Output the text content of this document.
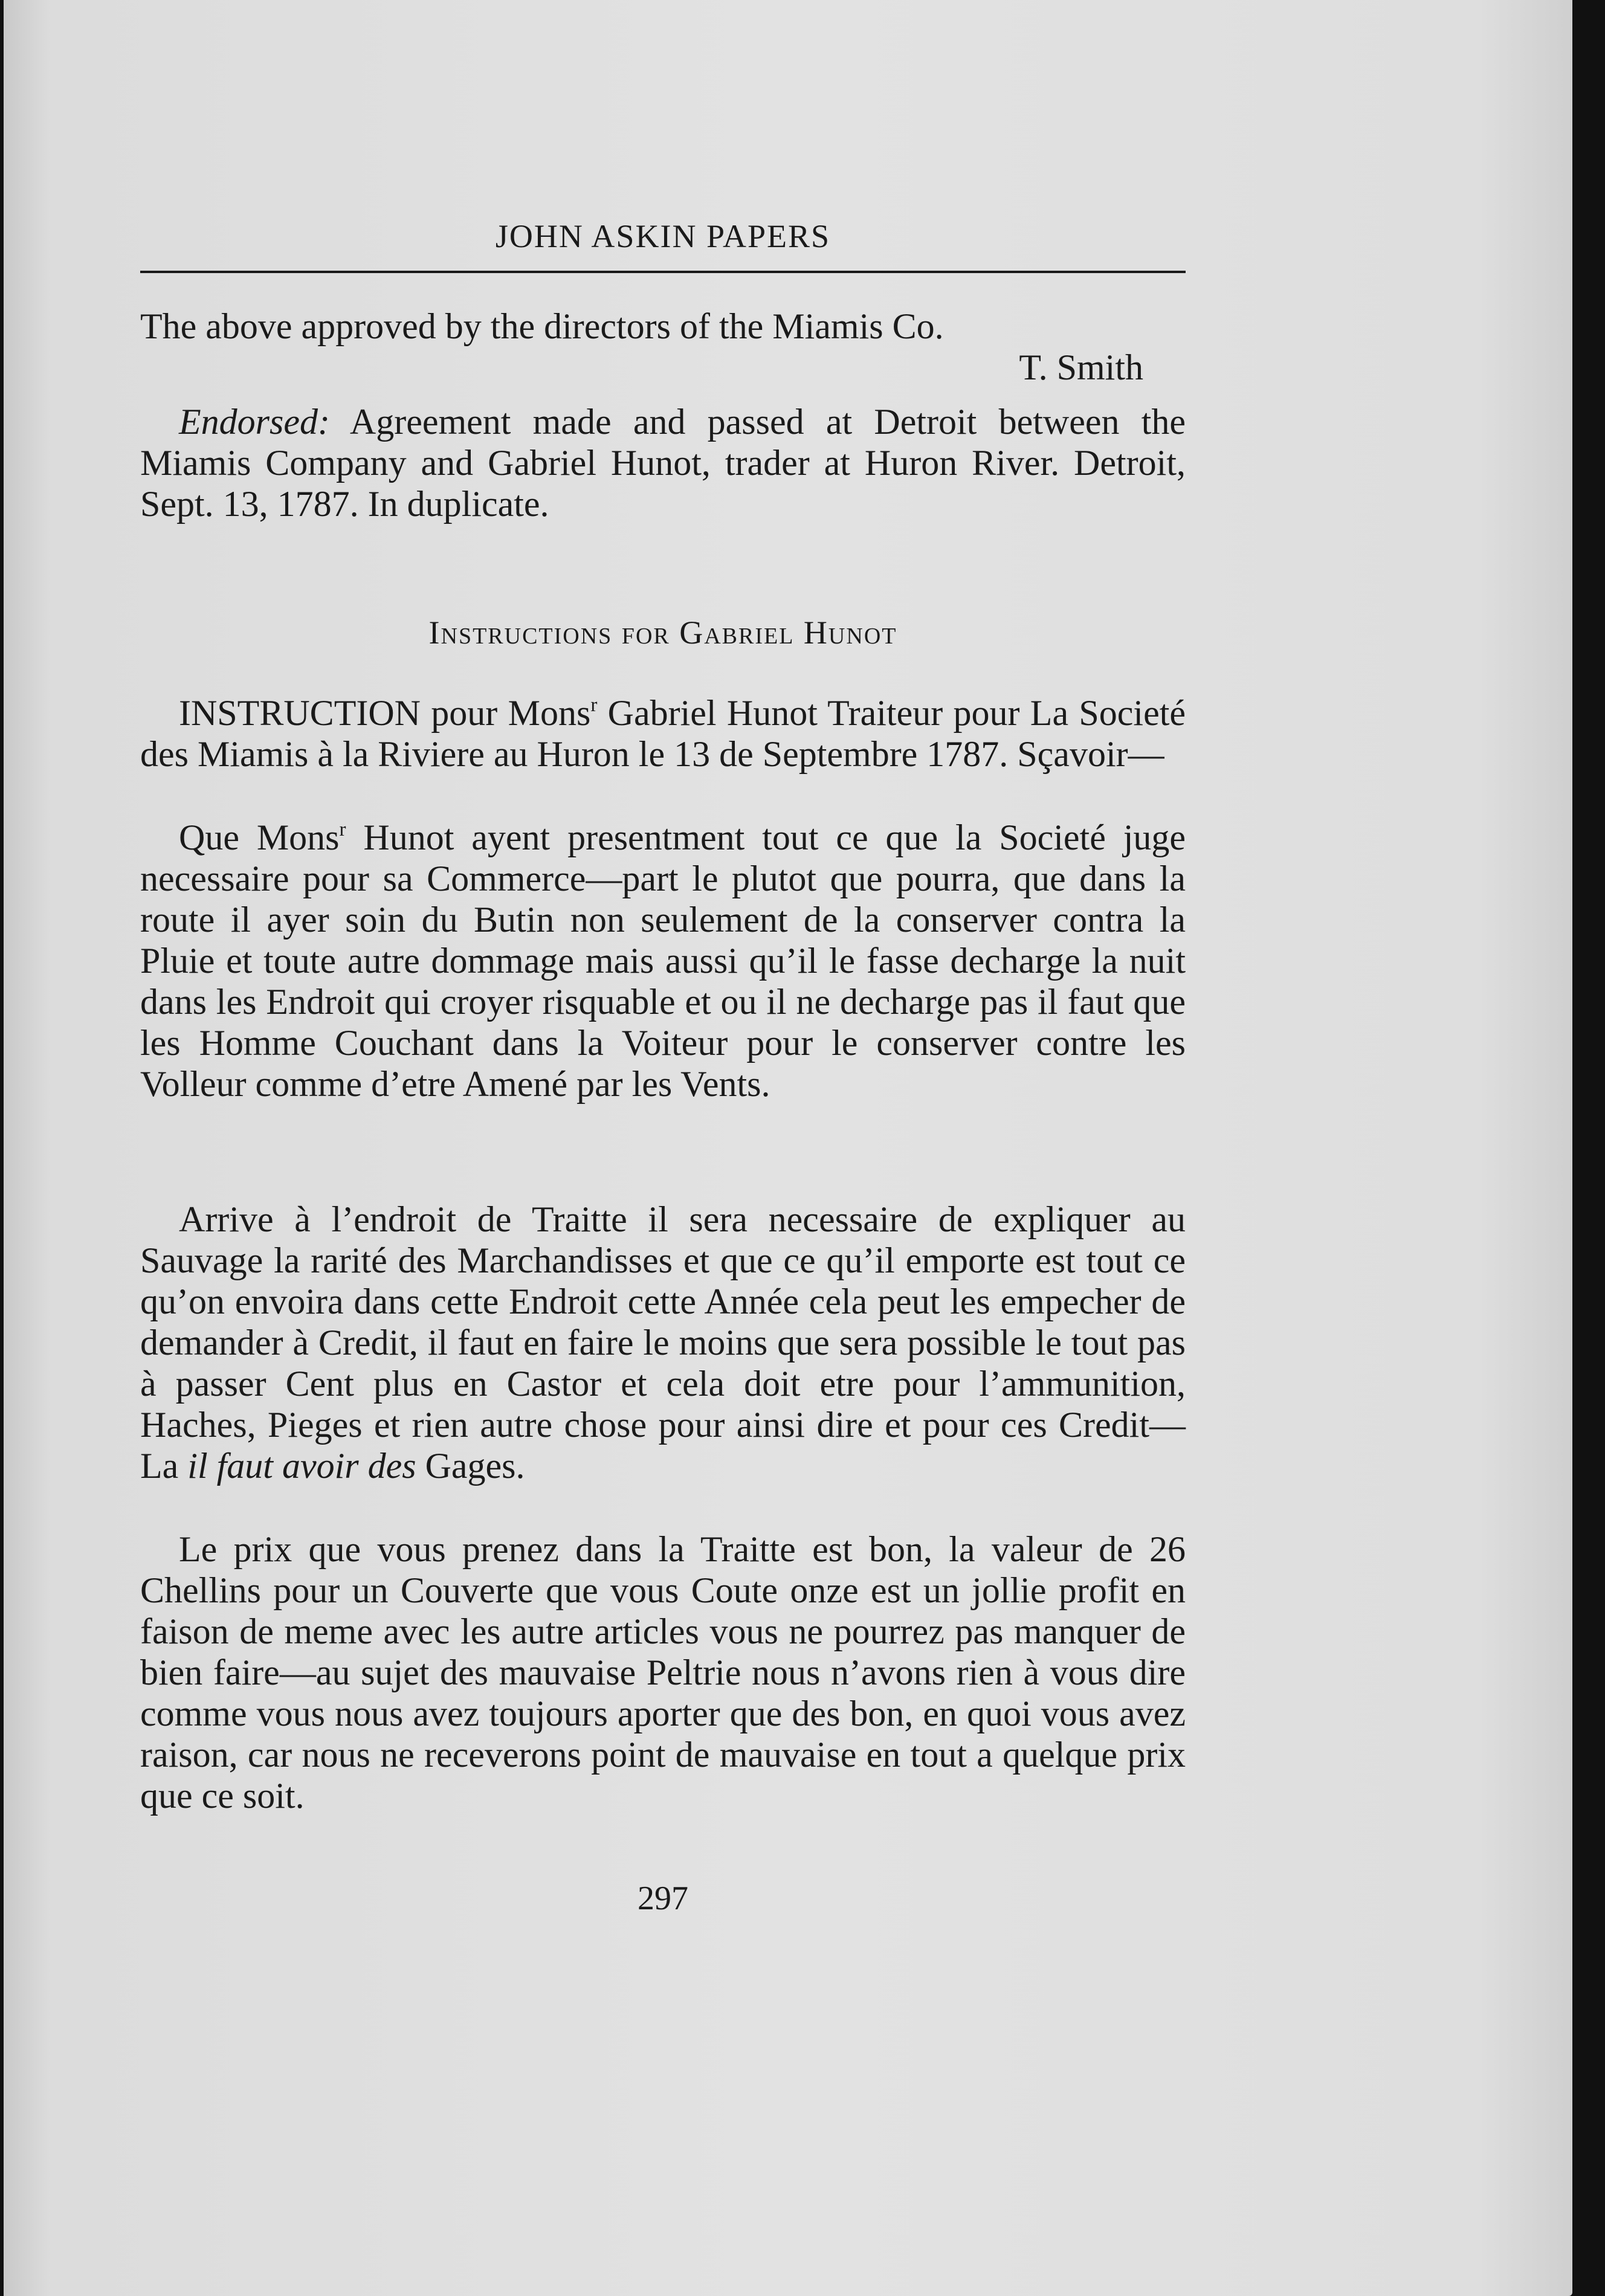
JOHN ASKIN PAPERS
The above approved by the directors of the Miamis Co.
T. Smith
Endorsed: Agreement made and passed at Detroit between the Miamis Company and Gabriel Hunot, trader at Huron River. Detroit, Sept. 13, 1787. In duplicate.
Instructions for Gabriel Hunot
INSTRUCTION pour Mons$^r$ Gabriel Hunot Traiteur pour La Societé des Miamis à la Riviere au Huron le 13 de Septembre 1787. Sçavoir—
Que Mons$^r$ Hunot ayent presentment tout ce que la Societé juge necessaire pour sa Commerce—part le plutot que pourra, que dans la route il ayer soin du Butin non seulement de la conserver contra la Pluie et toute autre dommage mais aussi qu’il le fasse decharge la nuit dans les Endroit qui croyer risquable et ou il ne decharge pas il faut que les Homme Couchant dans la Voiteur pour le conserver contre les Volleur comme d’etre Amené par les Vents.
Arrive à l’endroit de Traitte il sera necessaire de expliquer au Sauvage la rarité des Marchandisses et que ce qu’il emporte est tout ce qu’on envoira dans cette Endroit cette Année cela peut les empecher de demander à Credit, il faut en faire le moins que sera possible le tout pas à passer Cent plus en Castor et cela doit etre pour l’ammunition, Haches, Pieges et rien autre chose pour ainsi dire et pour ces Credit— La il faut avoir des Gages.
Le prix que vous prenez dans la Traitte est bon, la valeur de 26 Chellins pour un Couverte que vous Coute onze est un jollie profit en faison de meme avec les autre articles vous ne pourrez pas manquer de bien faire—au sujet des mauvaise Peltrie nous n’avons rien à vous dire comme vous nous avez toujours aporter que des bon, en quoi vous avez raison, car nous ne receverons point de mauvaise en tout a quelque prix que ce soit.
297
